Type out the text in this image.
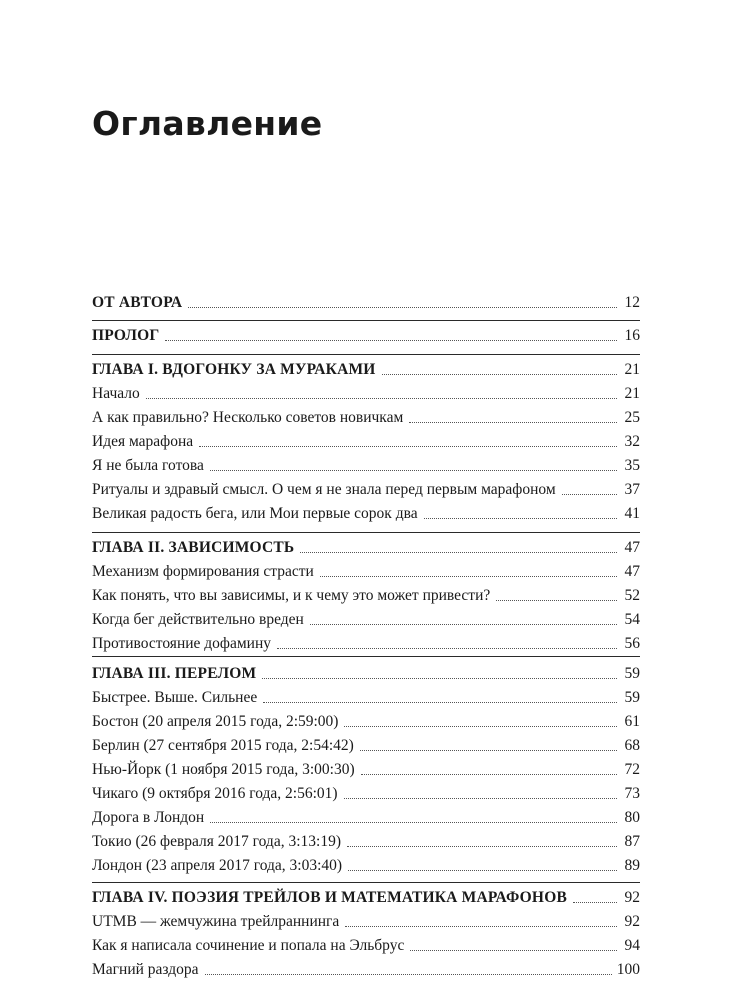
Оглавление
ОТ АВТОРА	12
ПРОЛОГ	16
ГЛАВА I. ВДОГОНКУ ЗА МУРАКАМИ	21
Начало	21
А как правильно? Несколько советов новичкам	25
Идея марафона	32
Я не была готова	35
Ритуалы и здравый смысл. О чем я не знала перед первым марафоном	37
Великая радость бега, или Мои первые сорок два	41
ГЛАВА II. ЗАВИСИМОСТЬ	47
Механизм формирования страсти	47
Как понять, что вы зависимы, и к чему это может привести?	52
Когда бег действительно вреден	54
Противостояние дофамину	56
ГЛАВА III. ПЕРЕЛОМ	59
Быстрее. Выше. Сильнее	59
Бостон (20 апреля 2015 года, 2:59:00)	61
Берлин (27 сентября 2015 года, 2:54:42)	68
Нью-Йорк (1 ноября 2015 года, 3:00:30)	72
Чикаго (9 октября 2016 года, 2:56:01)	73
Дорога в Лондон	80
Токио (26 февраля 2017 года, 3:13:19)	87
Лондон (23 апреля 2017 года, 3:03:40)	89
ГЛАВА IV. ПОЭЗИЯ ТРЕЙЛОВ И МАТЕМАТИКА МАРАФОНОВ	92
UTMB — жемчужина трейлраннинга	92
Как я написала сочинение и попала на Эльбрус	94
Магний раздора	100
